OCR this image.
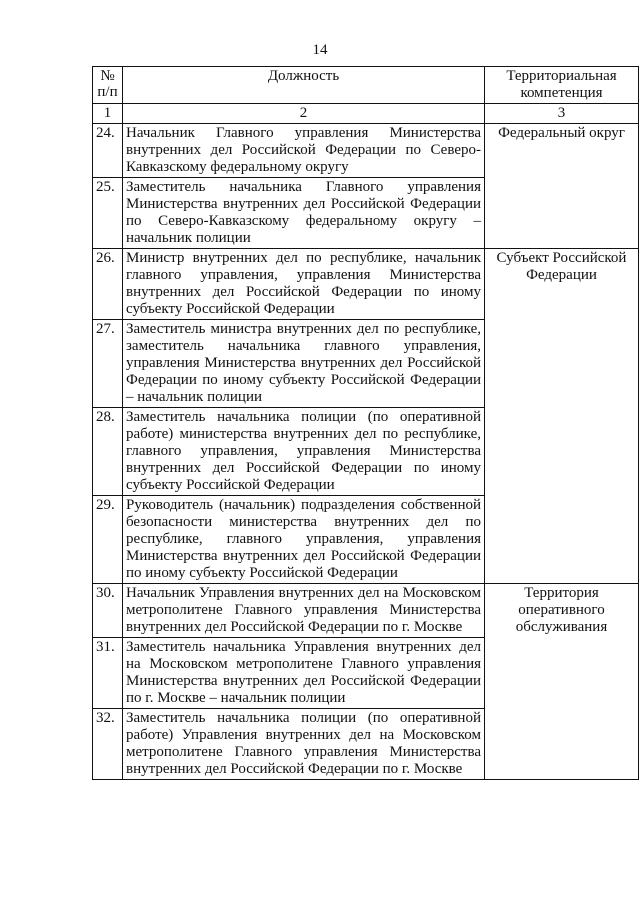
14
№
п/п	Должность	Территориальная компетенция
1	2	3
24.	Начальник Главного управления Министерства внутренних дел Российской Федерации по Северо-Кавказскому федеральному округу	Федеральный округ
25.	Заместитель начальника Главного управления Министерства внутренних дел Российской Федерации по Северо-Кавказскому федеральному округу – начальник полиции	
26.	Министр внутренних дел по республике, начальник главного управления, управления Министерства внутренних дел Российской Федерации по иному субъекту Российской Федерации	Субъект Российской Федерации
27.	Заместитель министра внутренних дел по республике, заместитель начальника главного управления, управления Министерства внутренних дел Российской Федерации по иному субъекту Российской Федерации – начальник полиции	
28.	Заместитель начальника полиции (по оперативной работе) министерства внутренних дел по республике, главного управления, управления Министерства внутренних дел Российской Федерации по иному субъекту Российской Федерации	
29.	Руководитель (начальник) подразделения собственной безопасности министерства внутренних дел по республике, главного управления, управления Министерства внутренних дел Российской Федерации по иному субъекту Российской Федерации	
30.	Начальник Управления внутренних дел на Московском метрополитене Главного управления Министерства внутренних дел Российской Федерации по г. Москве	Территория оперативного обслуживания
31.	Заместитель начальника Управления внутренних дел на Московском метрополитене Главного управления Министерства внутренних дел Российской Федерации по г. Москве – начальник полиции	
32.	Заместитель начальника полиции (по оперативной работе) Управления внутренних дел на Московском метрополитене Главного управления Министерства внутренних дел Российской Федерации по г. Москве	
